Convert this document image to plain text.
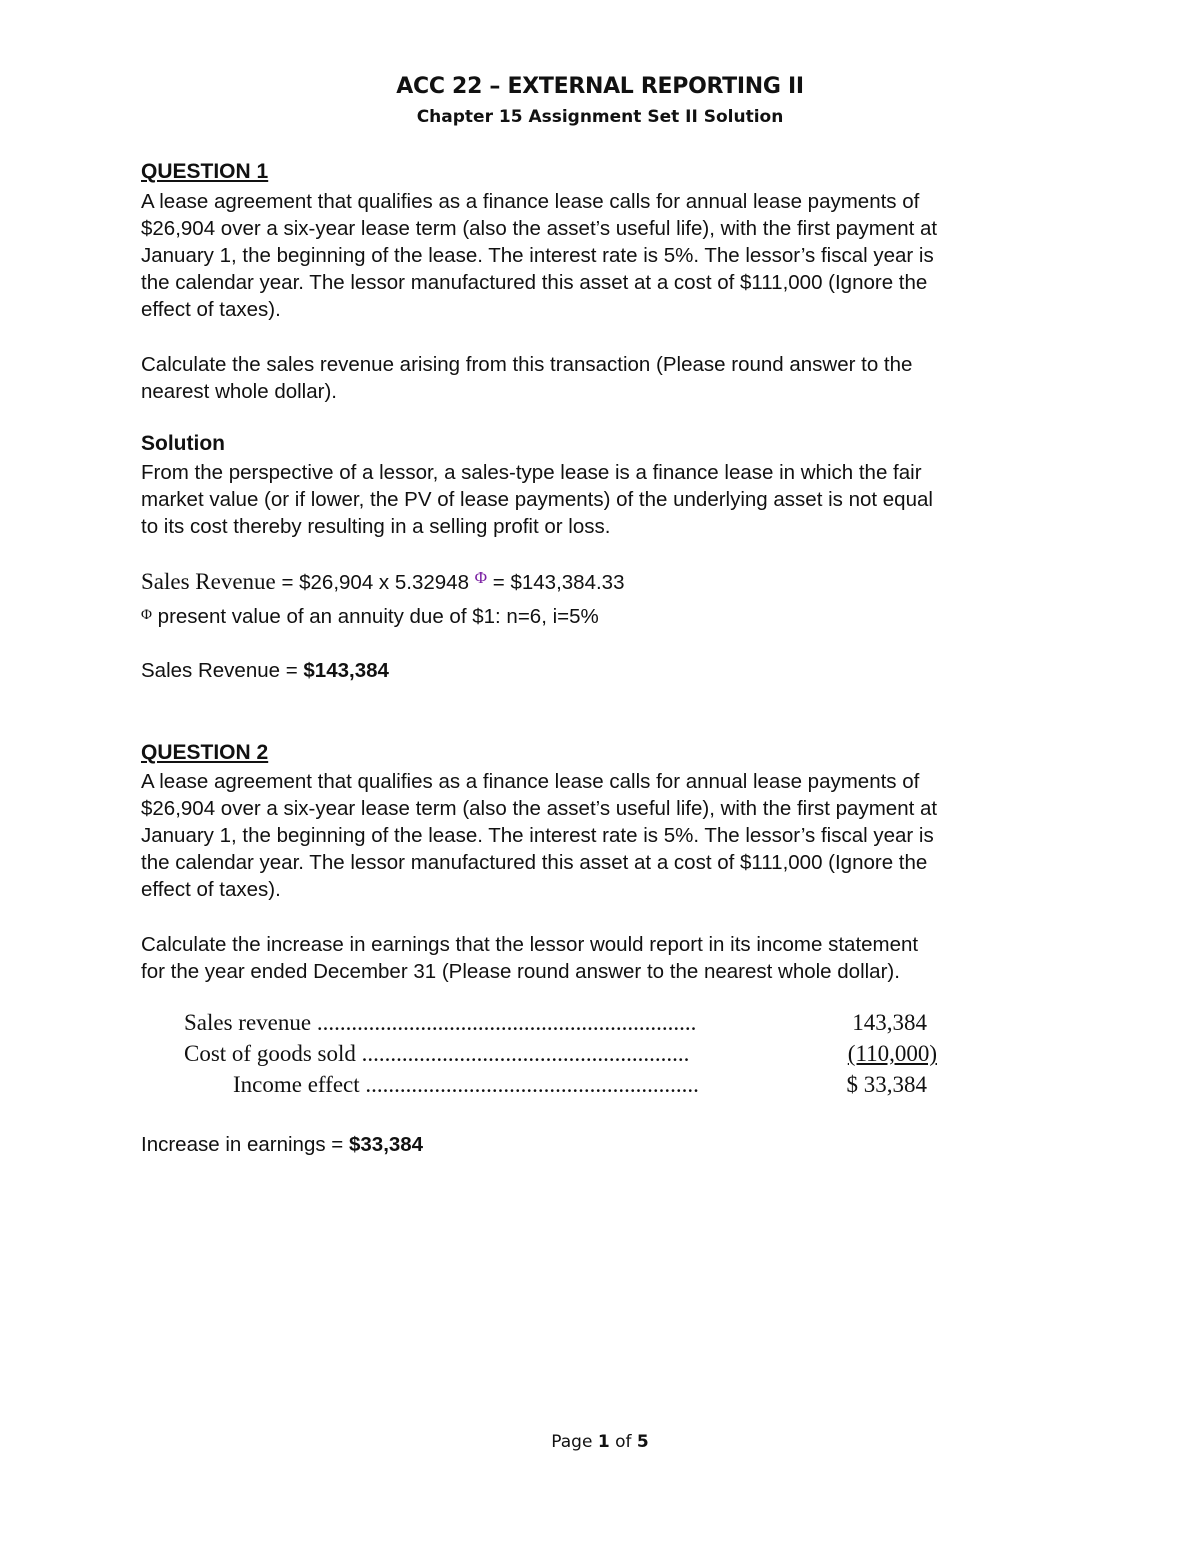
ACC 22 – EXTERNAL REPORTING II
Chapter 15 Assignment Set II Solution
QUESTION 1
A lease agreement that qualifies as a finance lease calls for annual lease payments of
$26,904 over a six-year lease term (also the asset’s useful life), with the first payment at
January 1, the beginning of the lease. The interest rate is 5%. The lessor’s fiscal year is
the calendar year. The lessor manufactured this asset at a cost of $111,000 (Ignore the
effect of taxes).
Calculate the sales revenue arising from this transaction (Please round answer to the
nearest whole dollar).
Solution
From the perspective of a lessor, a sales-type lease is a finance lease in which the fair
market value (or if lower, the PV of lease payments) of the underlying asset is not equal
to its cost thereby resulting in a selling profit or loss.
Sales Revenue = $26,904 x 5.32948 $^\Phi$ = $143,384.33
Φ present value of an annuity due of $1: n=6, i=5%
Sales Revenue = $143,384
QUESTION 2
A lease agreement that qualifies as a finance lease calls for annual lease payments of
$26,904 over a six-year lease term (also the asset’s useful life), with the first payment at
January 1, the beginning of the lease. The interest rate is 5%. The lessor’s fiscal year is
the calendar year. The lessor manufactured this asset at a cost of $111,000 (Ignore the
effect of taxes).
Calculate the increase in earnings that the lessor would report in its income statement
for the year ended December 31 (Please round answer to the nearest whole dollar).
Sales revenue ..................................................................	143,384
Cost of goods sold .........................................................	(110,000)
Income effect ..........................................................	$ 33,384
Increase in earnings = $33,384
Page 1 of 5
